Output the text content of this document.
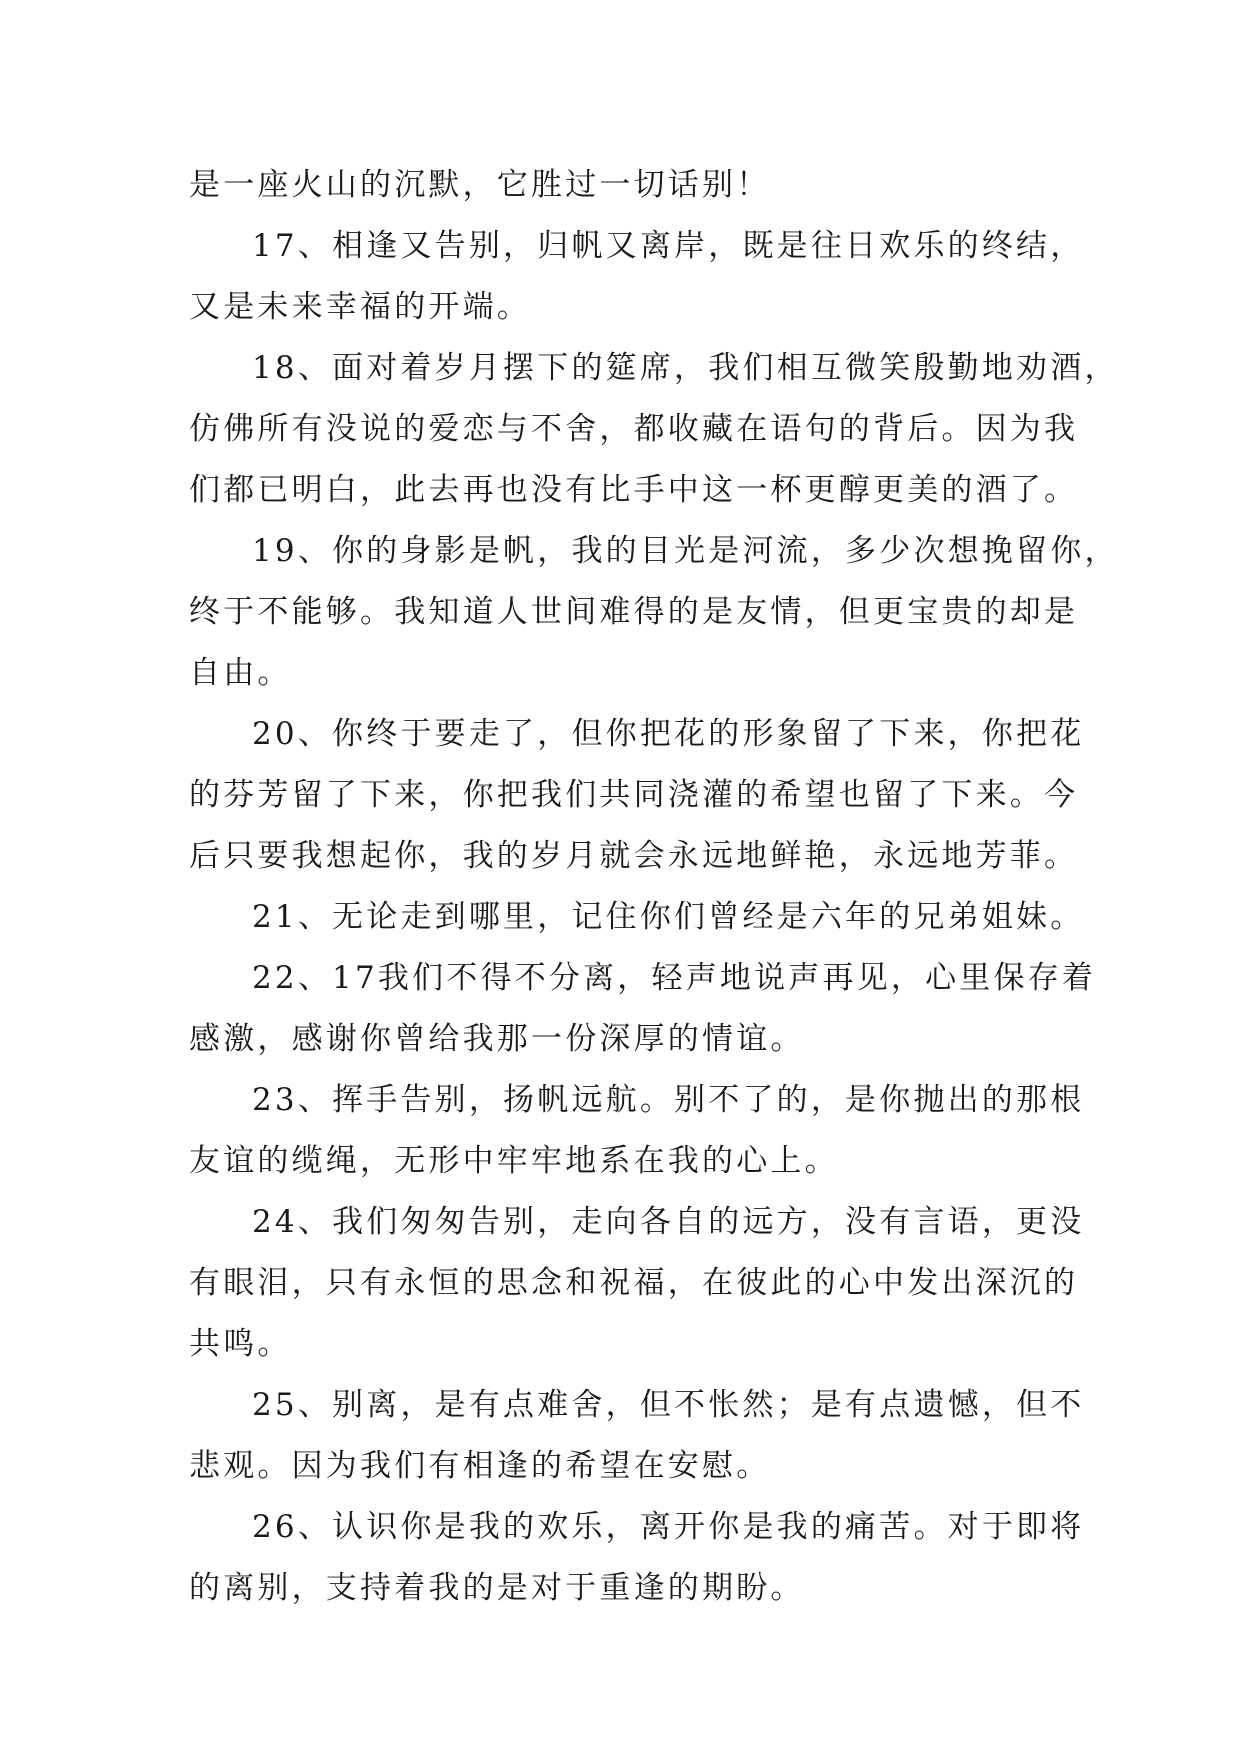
是一座火山的沉默，它胜过一切话别！
17、相逢又告别，归帆又离岸，既是往日欢乐的终结，
又是未来幸福的开端。
18、面对着岁月摆下的筵席，我们相互微笑殷勤地劝酒，
仿佛所有没说的爱恋与不舍，都收藏在语句的背后。因为我
们都已明白，此去再也没有比手中这一杯更醇更美的酒了。
19、你的身影是帆，我的目光是河流，多少次想挽留你，
终于不能够。我知道人世间难得的是友情，但更宝贵的却是
自由。
20、你终于要走了，但你把花的形象留了下来，你把花
的芬芳留了下来，你把我们共同浇灌的希望也留了下来。今
后只要我想起你，我的岁月就会永远地鲜艳，永远地芳菲。
21、无论走到哪里，记住你们曾经是六年的兄弟姐妹。
22、17我们不得不分离，轻声地说声再见，心里保存着
感激，感谢你曾给我那一份深厚的情谊。
23、挥手告别，扬帆远航。别不了的，是你抛出的那根
友谊的缆绳，无形中牢牢地系在我的心上。
24、我们匆匆告别，走向各自的远方，没有言语，更没
有眼泪，只有永恒的思念和祝福，在彼此的心中发出深沉的
共鸣。
25、别离，是有点难舍，但不怅然；是有点遗憾，但不
悲观。因为我们有相逢的希望在安慰。
26、认识你是我的欢乐，离开你是我的痛苦。对于即将
的离别，支持着我的是对于重逢的期盼。
